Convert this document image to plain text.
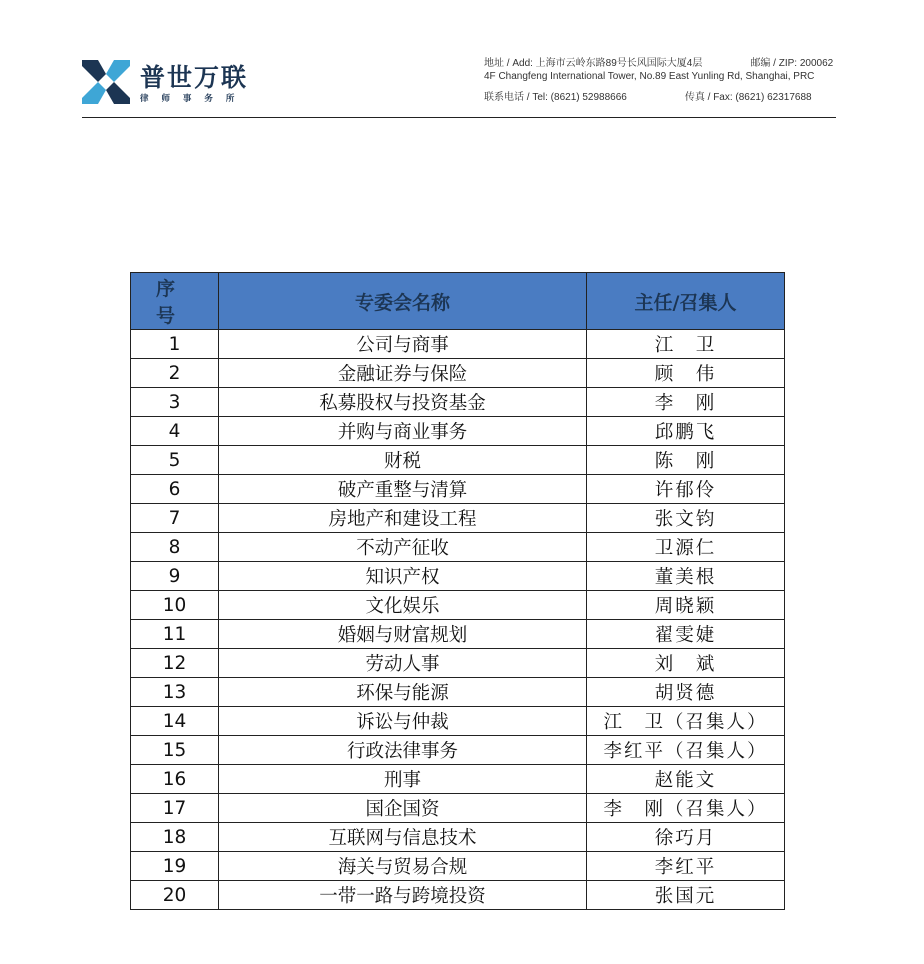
普世万联
律 师 事 务 所
地址 / Add: 上海市云岭东路89号长风国际大厦4层	邮编 / ZIP: 200062
4F Changfeng International Tower, No.89 East Yunling Rd, Shanghai, PRC
联系电话 / Tel: (8621) 52988666	传真 / Fax: (8621) 62317688
序 号	专委会名称	主任/召集人
1	公司与商事	江　卫
2	金融证券与保险	顾　伟
3	私募股权与投资基金	李　刚
4	并购与商业事务	邱鹏飞
5	财税	陈　刚
6	破产重整与清算	许郁伶
7	房地产和建设工程	张文钧
8	不动产征收	卫源仁
9	知识产权	董美根
10	文化娱乐	周晓颖
11	婚姻与财富规划	翟雯婕
12	劳动人事	刘　斌
13	环保与能源	胡贤德
14	诉讼与仲裁	江　卫（召集人）
15	行政法律事务	李红平（召集人）
16	刑事	赵能文
17	国企国资	李　刚（召集人）
18	互联网与信息技术	徐巧月
19	海关与贸易合规	李红平
20	一带一路与跨境投资	张国元
